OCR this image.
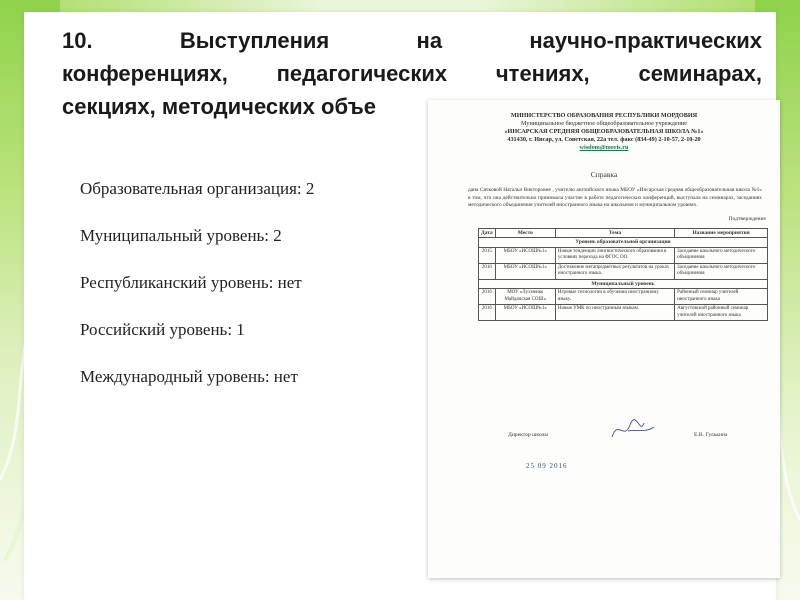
10.	Выступления	на	научно-практических
конференциях, педагогических чтениях, семинарах,
секциях, методических объе
Образовательная организация: 2
Муниципальный уровень: 2
Республиканский уровень: нет
Российский уровень: 1
Международный уровень: нет
МИНИСТЕРСТВО ОБРАЗОВАНИЯ РЕСПУБЛИКИ МОРДОВИЯ
Муниципальное бюджетное общеобразовательное учреждение
«ИНСАРСКАЯ СРЕДНЯЯ ОБЩЕОБРАЗОВАТЕЛЬНАЯ ШКОЛА №1»
431430, г. Инсар, ул. Советская, 22а тел. факс (834-49) 2-10-57, 2-10-20
wisdom@moris.ru
Справка
дана Сячковой Натальи Викторовне , учителю английского языка МБОУ «Инсарская средняя общеобразовательная школа №1» в том, что она действительно принимала участие в работе педагогических конференций, выступала на семинарах, заседаниях методического объединения учителей иностранного языка на школьном и муниципальном уровнях.
Подтверждение
Дата	Место	Тема	Название мероприятия
Уровень образовательной организации			
2015	МБОУ «ИСОШ№1»	Новые тенденции лингвистического образования в условиях перехода на ФГОС ОО.	Заседание школьного методического объединения
2016	МБОУ «ИСОШ№1»	Достижение метапредметных результатов на уроках иностранного языка.	Заседание школьного методического объединения
Муниципальный уровень			
2016	МОУ «Лухменко Майданская СОШ»	Игровые технологии в обучении иностранному языку.	Районный семинар учителей иностранного языка
2016	МБОУ «ИСОШ№1»	Новые УМК по иностранным языкам.	Августовский районный семинар учителей иностранного языка
Директор школы	Е.В. Гулькина
25 09 2016
